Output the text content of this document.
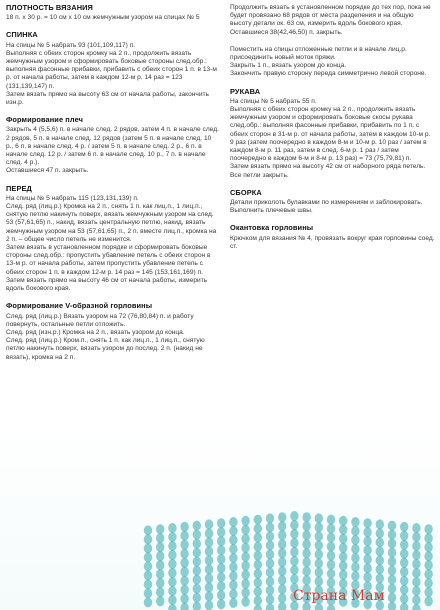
ПЛОТНОСТЬ ВЯЗАНИЯ

18 п. х 30 р. = 10 см х 10 см жемчужным узором на спицах № 5

СПИНКА

На спицы № 5 набрать 93 (101,109,117) п.

Выполняя с обеих сторон кромку на 2 п., продолжить вязать жемчужным узором и сформировать боковые стороны след.обр.: выполняя фасонные прибавки, прибавить с обеих сторон 1 п. в 13-м р. от начала работы, затем в каждом 12-м р. 14 раз = 123 (131,139,147) п.

Затем вязать прямо на высоту 63 см от начала работы, закончить изн.р.

Формирование плеч

Закрыть 4 (5,5,6) п. в начале след. 2 рядов, затем 4 п. в начале след. 2 рядов, 5 п. в начале след. 12 рядов (затем 5 п. в начале след. 10 р., 6 п. в начале след. 4 р. / затем 5 п. в начале след. 2 р., 6 п. в начале след. 12 р. / затем 6 п. в начале след. 10 р., 7 п. в начале след. 4 р.).

Оставшиеся 47 п. закрыть.

ПЕРЕД

На спицы № 5 набрать 115 (123,131,139) п.

След. ряд (лиц.р.) Кромка на 2 п., снять 1 п. как лиц.п., 1 лиц.п., снятую петлю накинуть поверх, вязать жемчужным узором на след. 53 (57,61,65) п., накид, вязать центральную петлю, накид, вязать жемчужным узором на 53 (57,61,65) п., 2 п. вместе лиц.п., кромка на 2 п. – общее число петель не изменится.

Затем вязать в установленном порядке и сформировать боковые стороны след.обр.: пропустить убавление петель с обеих сторон в 13-м р. от начала работы, затем пропустить убавление петель с обеих сторон 1 п. в каждом 12-м р. 14 раз = 145 (153,161,169) п. Затем вязать прямо на высоту 46 см от начала работы, измерить вдоль бокового края.

Формирование V-образной горловины

След. ряд (лиц.р.) Вязать узором на 72 (76,80,84) п. и работу повернуть, остальные петли отложить.

След. ряд (изн.р.) Кромка на 2 п., вязать узором до конца.

След. ряд (лиц.р.) Кром.п., снять 1 п. как лиц.п., 1 лиц.п., снятую петлю накинуть поверх, вязать узором до послед. 2 п. (накид не вязать), кромка на 2 п.

Продолжить вязать в установленном порядке до тех пор, пока не будет провязано 68 рядов от места разделения и на общую высоту детали ок. 63 см, измерить вдоль бокового края.

Оставшиеся 38(42,46,50) п. закрыть.

Поместить на спицы отложенные петли и в начале лиц.р. присоединить новый моток пряжи.

Закрыть 1 п., вязать узором до конца.

Закончить правую сторону переда симметрично левой стороне.

РУКАВА

На спицы № 5 набрать 55 п.

Выполняя с обеих сторон кромку на 2 п., продолжить вязать жемчужным узором и сформировать боковые скосы рукава след.обр.: выполняя фасонные прибавки, прибавить по 1 п. с обеих сторон в 31-м р. от начала работы, затем в каждом 10-м р. 9 раз (затем поочередно в каждом 8-м и 10-м р. 10 раз / затем в каждом 8-м р. 11 раз, затем в след. 6-м р. 1 раз / затем поочередно в каждом 6-м и 8-м р. 13 раз) = 73 (75,79,81) п.

Затем вязать прямо на высоту 42 см от наборного ряда петель.

Все петли закрыть.

СБОРКА

Детали приколоть булавками по измерениям и заблокировать.

Выполнить плечевые швы.

Окантовка горловины

Крючком для вязания № 4, провязать вокруг края горловины соед. ст.

Страна Мам
